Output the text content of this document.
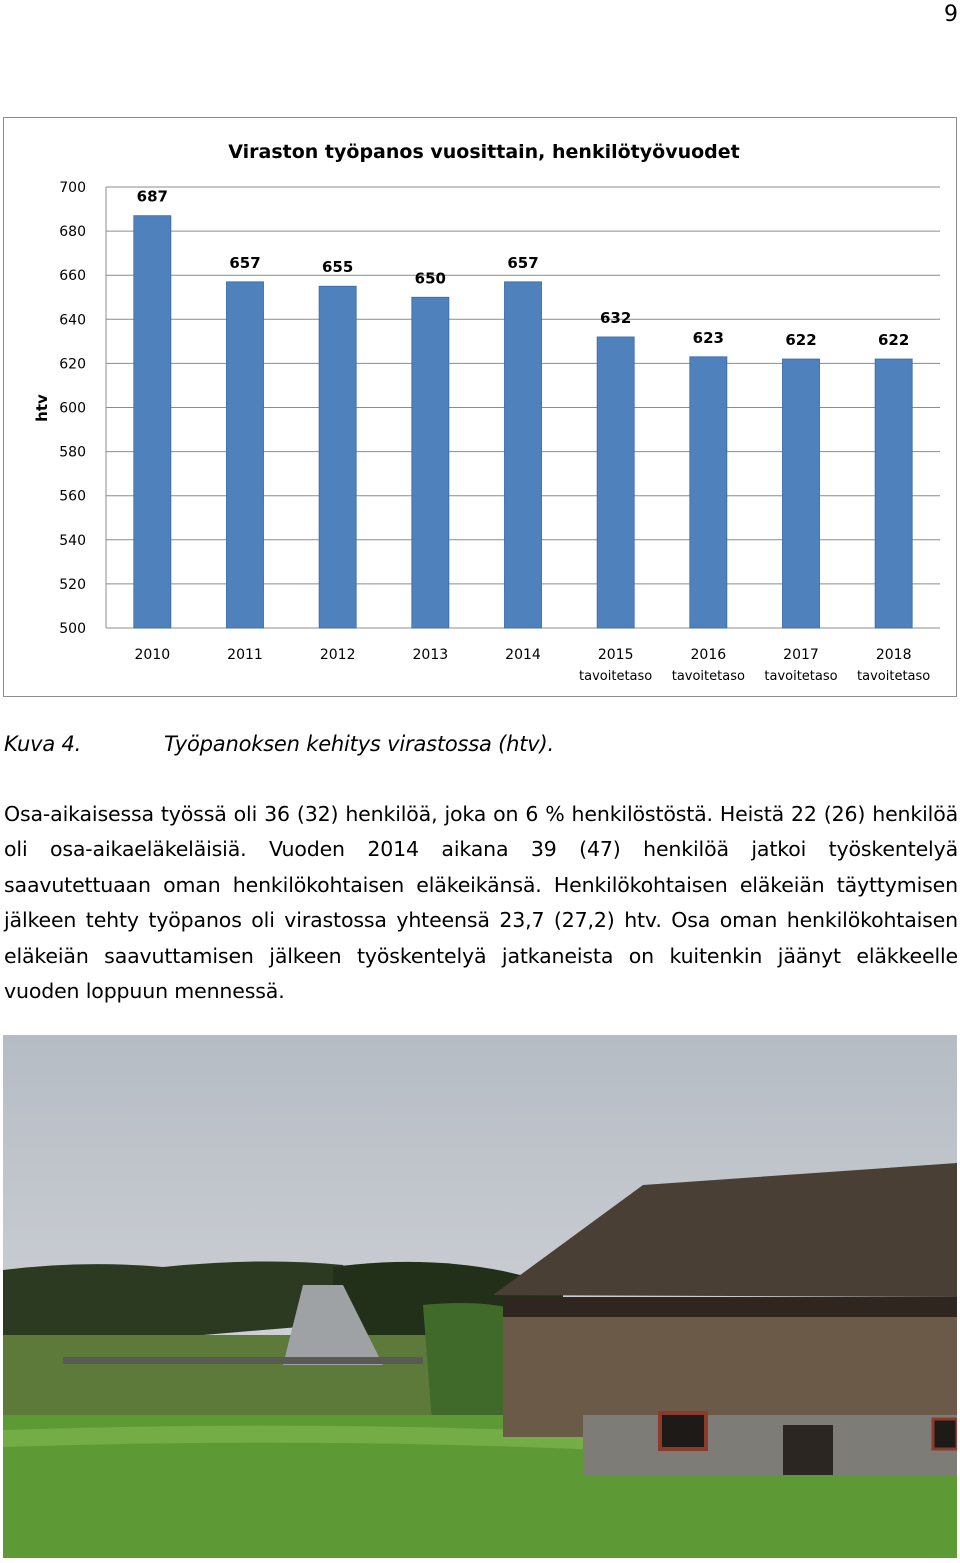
9
500
520
540
560
580
600
620
640
660
680
700	687
657	655
650
657
632
623	622	622
2010	2011	2012	2013	2014	2015
tavoitetaso
2016
tavoitetaso
2017
tavoitetaso
2018
tavoitetaso
Viraston työpanos vuosittain, henkilötyövuodet
htv
Kuva 4.	Työpanoksen kehitys virastossa (htv).

Osa-aikaisessa työssä oli 36 (32) henkilöä, joka on 6 % henkilöstöstä. Heistä 22 (26) henkilöä oli osa-aikaeläkeläisiä. Vuoden 2014 aikana 39 (47) henkilöä jatkoi työskentelyä saavutettuaan oman henkilökohtaisen eläkeikänsä. Henkilökohtaisen eläkeiän täyttymisen jälkeen tehty työpanos oli virastossa yhteensä 23,7 (27,2) htv. Osa oman henkilökohtaisen eläkeiän saavuttamisen jälkeen työskentelyä jatkaneista on kuitenkin jäänyt eläkkeelle vuoden loppuun mennessä.
